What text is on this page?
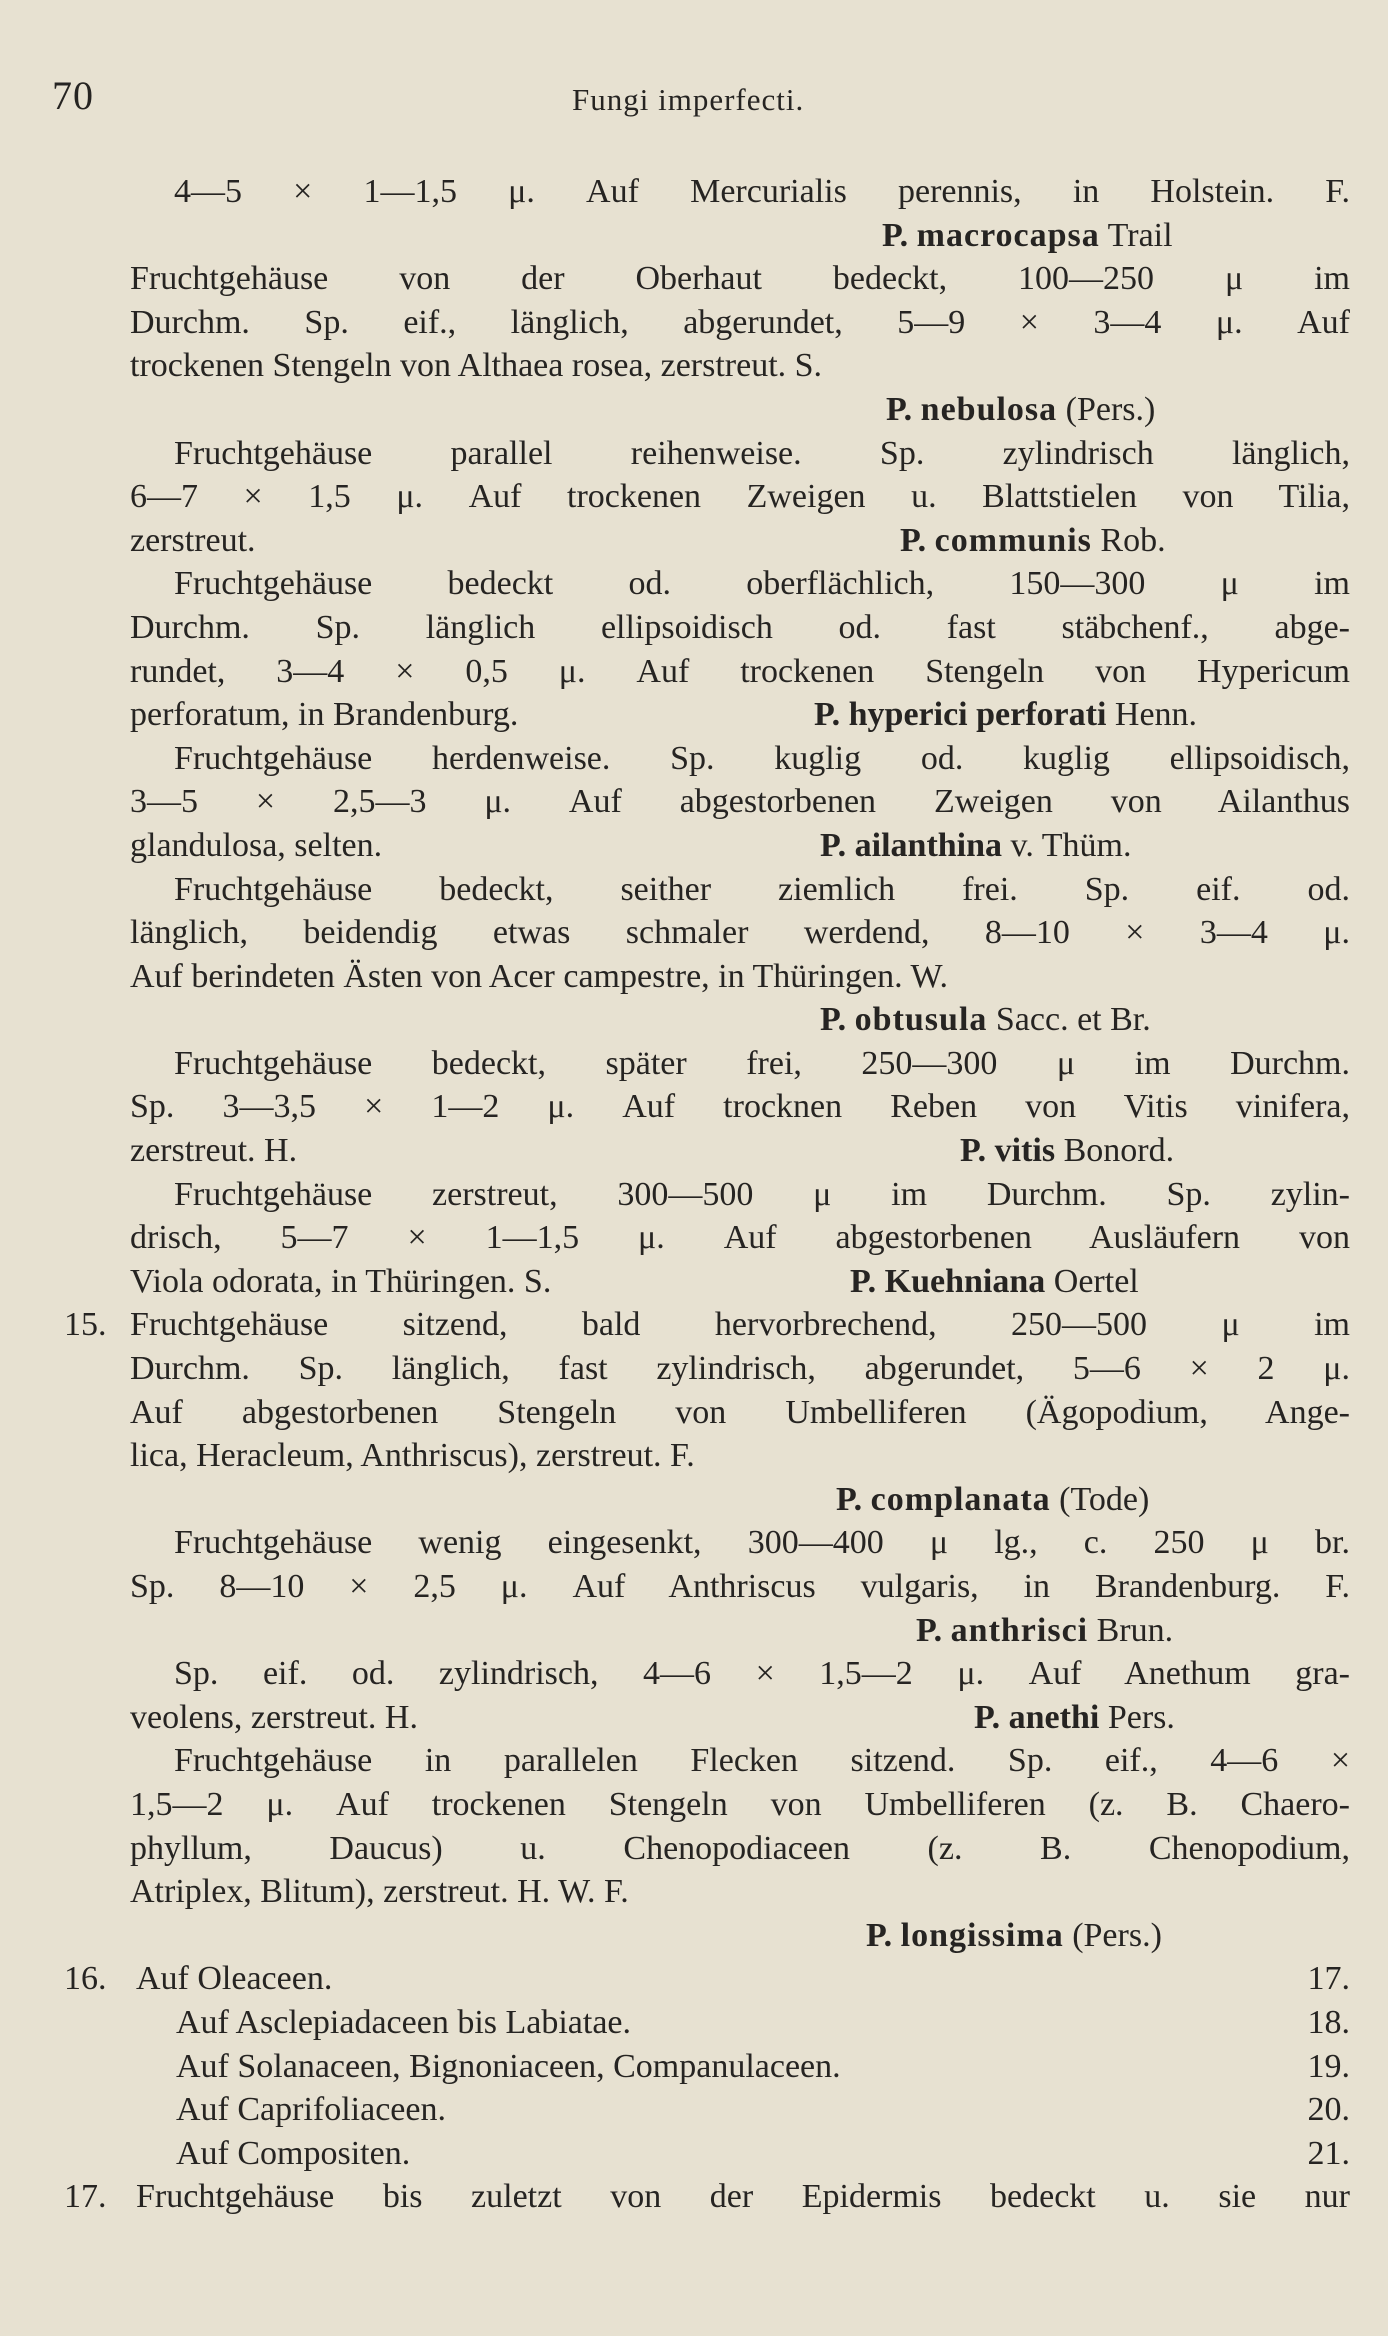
70	Fungi imperfecti.
4—5 × 1—1,5 μ. Auf Mercurialis perennis, in Holstein. F.
P. macrocapsa Trail
Fruchtgehäuse von der Oberhaut bedeckt, 100—250 μ im
Durchm. Sp. eif., länglich, abgerundet, 5—9 × 3—4 μ. Auf
trockenen Stengeln von Althaea rosea, zerstreut. S.
P. nebulosa (Pers.)
Fruchtgehäuse parallel reihenweise. Sp. zylindrisch länglich,
6—7 × 1,5 μ. Auf trockenen Zweigen u. Blattstielen von Tilia,
zerstreut.	P. communis Rob.
Fruchtgehäuse bedeckt od. oberflächlich, 150—300 μ im
Durchm. Sp. länglich ellipsoidisch od. fast stäbchenf., abge-
rundet, 3—4 × 0,5 μ. Auf trockenen Stengeln von Hypericum
perforatum, in Brandenburg.	P. hyperici perforati Henn.
Fruchtgehäuse herdenweise. Sp. kuglig od. kuglig ellipsoidisch,
3—5 × 2,5—3 μ. Auf abgestorbenen Zweigen von Ailanthus
glandulosa, selten.	P. ailanthina v. Thüm.
Fruchtgehäuse bedeckt, seither ziemlich frei. Sp. eif. od.
länglich, beidendig etwas schmaler werdend, 8—10 × 3—4 μ.
Auf berindeten Ästen von Acer campestre, in Thüringen. W.
P. obtusula Sacc. et Br.
Fruchtgehäuse bedeckt, später frei, 250—300 μ im Durchm.
Sp. 3—3,5 × 1—2 μ. Auf trocknen Reben von Vitis vinifera,
zerstreut. H.	P. vitis Bonord.
Fruchtgehäuse zerstreut, 300—500 μ im Durchm. Sp. zylin-
drisch, 5—7 × 1—1,5 μ. Auf abgestorbenen Ausläufern von
Viola odorata, in Thüringen. S.	P. Kuehniana Oertel
15. Fruchtgehäuse sitzend, bald hervorbrechend, 250—500 μ im
Durchm. Sp. länglich, fast zylindrisch, abgerundet, 5—6 × 2 μ.
Auf abgestorbenen Stengeln von Umbelliferen (Ägopodium, Ange-
lica, Heracleum, Anthriscus), zerstreut. F.
P. complanata (Tode)
Fruchtgehäuse wenig eingesenkt, 300—400 μ lg., c. 250 μ br.
Sp. 8—10 × 2,5 μ. Auf Anthriscus vulgaris, in Brandenburg. F.
P. anthrisci Brun.
Sp. eif. od. zylindrisch, 4—6 × 1,5—2 μ. Auf Anethum gra-
veolens, zerstreut. H.	P. anethi Pers.
Fruchtgehäuse in parallelen Flecken sitzend. Sp. eif., 4—6 ×
1,5—2 μ. Auf trockenen Stengeln von Umbelliferen (z. B. Chaero-
phyllum, Daucus) u. Chenopodiaceen (z. B. Chenopodium,
Atriplex, Blitum), zerstreut. H. W. F.
P. longissima (Pers.)
16. Auf Oleaceen.	17.
Auf Asclepiadaceen bis Labiatae.	18.
Auf Solanaceen, Bignoniaceen, Companulaceen.	19.
Auf Caprifoliaceen.	20.
Auf Compositen.	21.
17. Fruchtgehäuse bis zuletzt von der Epidermis bedeckt u. sie nur
